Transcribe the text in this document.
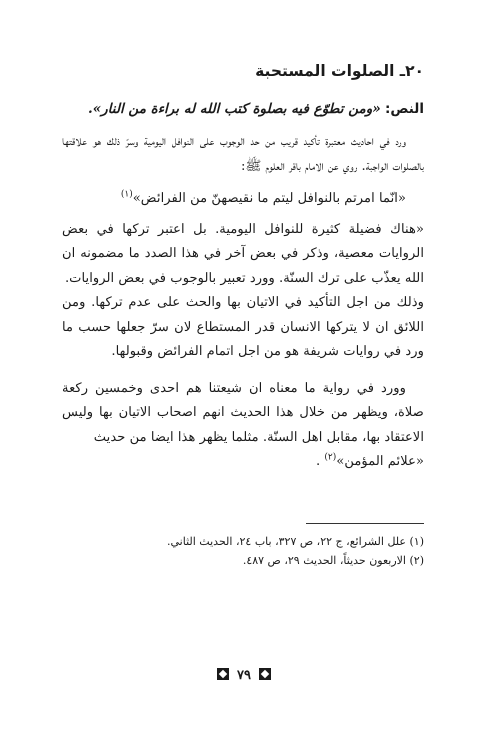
٢٠ـ الصلوات المستحبة
النص: «ومن تطوّع فيه بصلوة كتب الله له براءة من النار».

ورد في احاديث معتبرة تأكيد قريب من حد الوجوب على النوافل اليومية وسرّ ذلك هو علاقتها بالصلوات الواجبة. روي عن الامام باقر العلوم ﷺ:

«انّما امرتم بالنوافل ليتم ما نقيصهنّ من الفرائض»$^{(١)}$

«هناك فضيلة كثيرة للنوافل اليومية. بل اعتبر تركها في بعض الروايات معصية، وذكر في بعض آخر في هذا الصدد ما مضمونه ان الله يعذّب على ترك السنّة. وورد تعبير بالوجوب في بعض الروايات.

وذلك من اجل التأكيد في الاتيان بها والحث على عدم تركها. ومن اللائق ان لا يتركها الانسان قدر المستطاع لان سرّ جعلها حسب ما ورد في روايات شريفة هو من اجل اتمام الفرائض وقبولها.

وورد في رواية ما معناه ان شيعتنا هم احدى وخمسين ركعة صلاة، ويظهر من خلال هذا الحديث انهم اصحاب الاتيان بها وليس الاعتقاد بها، مقابل اهل السنّة. مثلما يظهر هذا ايضا من حديث

«علائم المؤمن»$^{(٢)}$ .

(١) علل الشرائع، ج ٢٢، ص ٣٢٧، باب ٢٤، الحديث الثاني.

(٢) الاربعون حديثاً، الحديث ٢٩، ص ٤٨٧.

٧٩
